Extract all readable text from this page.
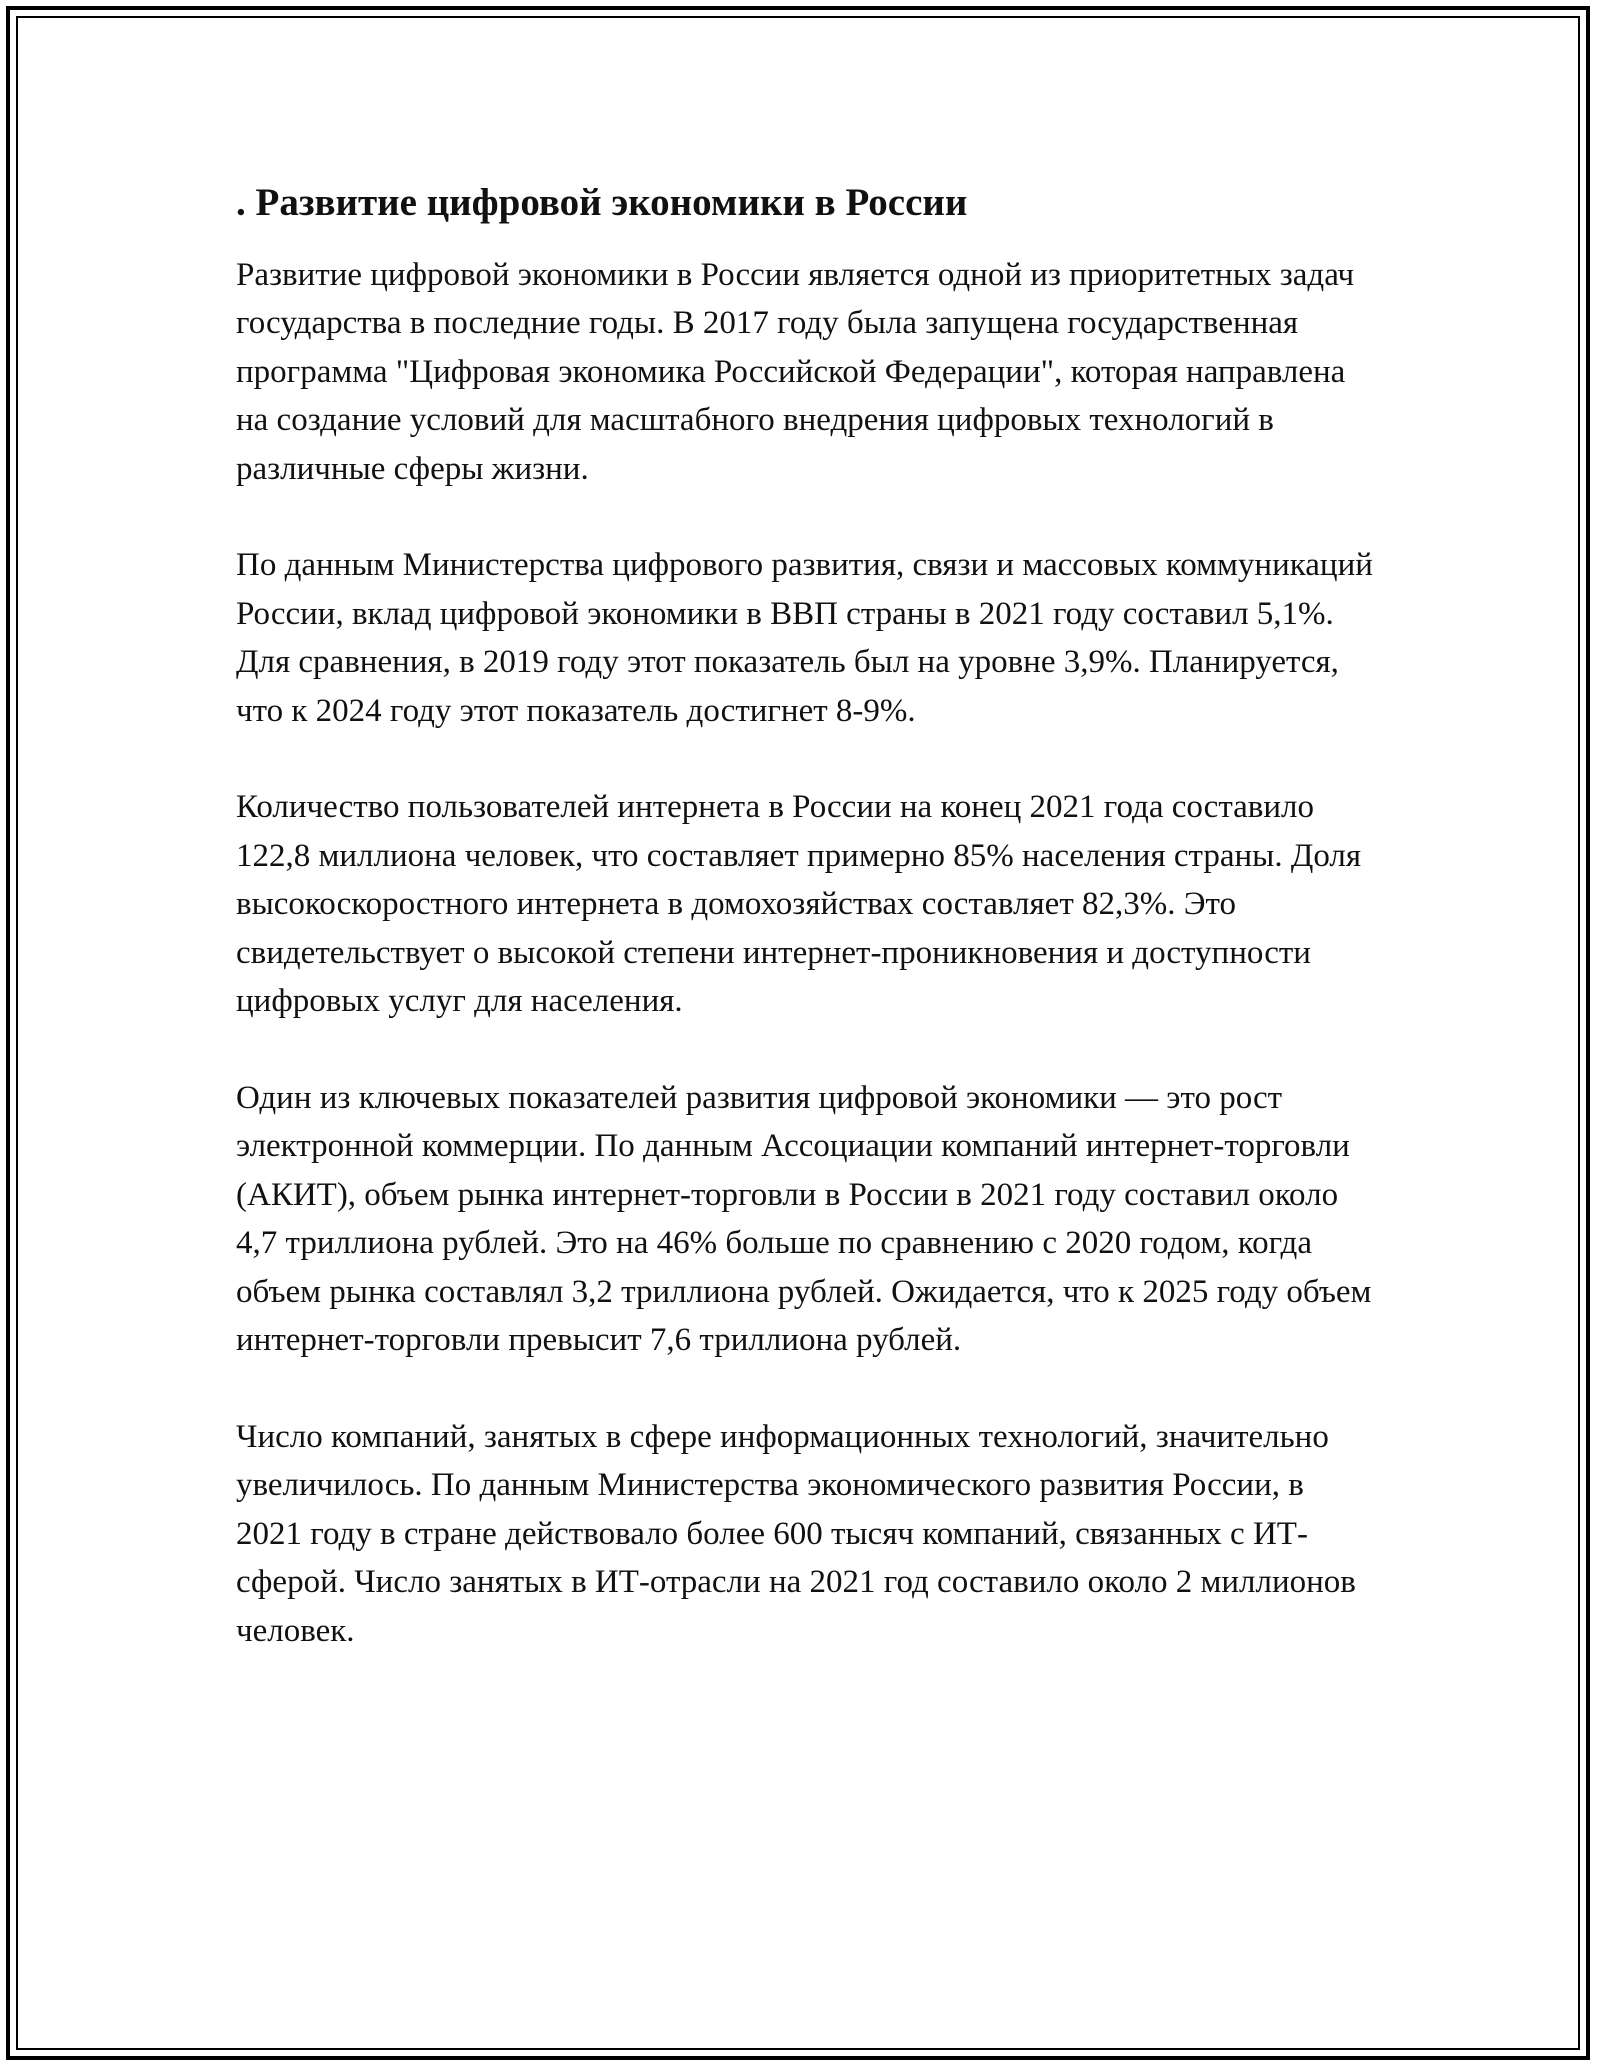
. Развитие цифровой экономики в России

Развитие цифровой экономики в России является одной из приоритетных задач государства в последние годы. В 2017 году была запущена государственная программа "Цифровая экономика Российской Федерации", которая направлена на создание условий для масштабного внедрения цифровых технологий в различные сферы жизни.

По данным Министерства цифрового развития, связи и массовых коммуникаций России, вклад цифровой экономики в ВВП страны в 2021 году составил 5,1%. Для сравнения, в 2019 году этот показатель был на уровне 3,9%. Планируется, что к 2024 году этот показатель достигнет 8-9%.

Количество пользователей интернета в России на конец 2021 года составило 122,8 миллиона человек, что составляет примерно 85% населения страны. Доля высокоскоростного интернета в домохозяйствах составляет 82,3%. Это свидетельствует о высокой степени интернет-проникновения и доступности цифровых услуг для населения.

Один из ключевых показателей развития цифровой экономики — это рост электронной коммерции. По данным Ассоциации компаний интернет-торговли (АКИТ), объем рынка интернет-торговли в России в 2021 году составил около 4,7 триллиона рублей. Это на 46% больше по сравнению с 2020 годом, когда объем рынка составлял 3,2 триллиона рублей. Ожидается, что к 2025 году объем интернет-торговли превысит 7,6 триллиона рублей.

Число компаний, занятых в сфере информационных технологий, значительно увеличилось. По данным Министерства экономического развития России, в 2021 году в стране действовало более 600 тысяч компаний, связанных с ИТ-сферой. Число занятых в ИТ-отрасли на 2021 год составило около 2 миллионов человек.
